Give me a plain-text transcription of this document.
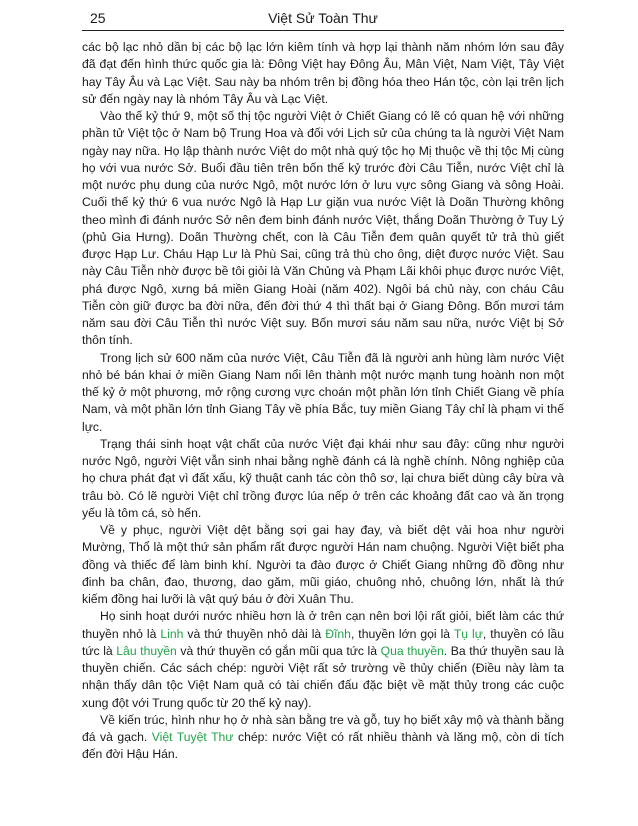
25	Việt Sử Toàn Thư

các bộ lạc nhỏ dần bị các bộ lạc lớn kiêm tính và hợp lại thành năm nhóm lớn sau đây đã đạt đến hình thức quốc gia là: Đông Việt hay Đông Âu, Mân Việt, Nam Việt, Tây Việt hay Tây Âu và Lạc Việt. Sau này ba nhóm trên bị đồng hóa theo Hán tộc, còn lại trên lịch sử đến ngày nay là nhóm Tây Âu và Lạc Việt.

Vào thế kỷ thứ 9, một số thị tộc người Việt ở Chiết Giang có lẽ có quan hệ với những phần tử Việt tộc ở Nam bộ Trung Hoa và đối với Lịch sử của chúng ta là người Việt Nam ngày nay nữa. Họ lập thành nước Việt do một nhà quý tộc họ Mị thuộc về thị tộc Mị cùng họ với vua nước Sở. Buổi đầu tiên trên bốn thế kỷ trước đời Câu Tiễn, nước Việt chỉ là một nước phụ dung của nước Ngô, một nước lớn ở lưu vực sông Giang và sông Hoài. Cuối thế kỷ thứ 6 vua nước Ngô là Hạp Lư giặn vua nước Việt là Doãn Thường không theo mình đi đánh nước Sở nên đem binh đánh nước Việt, thắng Doãn Thường ở Tuy Lý (phủ Gia Hưng). Doãn Thường chết, con là Câu Tiễn đem quân quyết tử trả thù giết được Hạp Lư. Cháu Hạp Lư là Phù Sai, cũng trả thù cho ông, diệt được nước Việt. Sau này Câu Tiễn nhờ được bề tôi giỏi là Văn Chủng và Phạm Lãi khôi phục được nước Việt, phá được Ngô, xưng bá miền Giang Hoài (năm 402). Ngôi bá chủ này, con cháu Câu Tiễn còn giữ được ba đời nữa, đến đời thứ 4 thì thất bại ở Giang Đông. Bốn mươi tám năm sau đời Câu Tiễn thì nước Việt suy. Bốn mươi sáu năm sau nữa, nước Việt bị Sở thôn tính.

Trong lịch sử 600 năm của nước Việt, Câu Tiễn đã là người anh hùng làm nước Việt nhỏ bé bán khai ở miền Giang Nam nổi lên thành một nước mạnh tung hoành non một thế kỷ ở một phương, mở rộng cương vực choán một phần lớn tỉnh Chiết Giang về phía Nam, và một phần lớn tỉnh Giang Tây về phía Bắc, tuy miền Giang Tây chỉ là phạm vi thế lực.

Trạng thái sinh hoạt vật chất của nước Việt đại khái như sau đây: cũng như người nước Ngô, người Việt vẫn sinh nhai bằng nghề đánh cá là nghề chính. Nông nghiệp của họ chưa phát đạt vì đất xấu, kỹ thuật canh tác còn thô sơ, lại chưa biết dùng cây bừa và trâu bò. Có lẽ người Việt chỉ trồng được lúa nếp ở trên các khoảng đất cao và ăn trọng yếu là tôm cá, sò hến.

Về y phục, người Việt dệt bằng sợi gai hay đay, và biết dệt vải hoa như người Mường, Thổ là một thứ sản phẩm rất được người Hán nam chuộng. Người Việt biết pha đồng và thiếc để làm binh khí. Người ta đào được ở Chiết Giang những đồ đồng như đinh ba chân, đao, thương, dao găm, mũi giáo, chuông nhỏ, chuông lớn, nhất là thứ kiếm đồng hai lưỡi là vật quý báu ở đời Xuân Thu.

Họ sinh hoạt dưới nước nhiều hơn là ở trên cạn nên bơi lội rất giỏi, biết làm các thứ thuyền nhỏ là Linh và thứ thuyền nhỏ dài là Đĩnh, thuyền lớn gọi là Tụ lự, thuyền có lầu tức là Lâu thuyền và thứ thuyền có gắn mũi qua tức là Qua thuyền. Ba thứ thuyền sau là thuyền chiến. Các sách chép: người Việt rất sở trường về thủy chiến (Điều này làm ta nhận thấy dân tộc Việt Nam quả có tài chiến đấu đặc biệt về mặt thủy trong các cuộc xung đột với Trung quốc từ 20 thế kỷ nay).

Về kiến trúc, hình như họ ở nhà sàn bằng tre và gỗ, tuy họ biết xây mộ và thành bằng đá và gạch. Việt Tuyệt Thư chép: nước Việt có rất nhiều thành và lăng mộ, còn di tích đến đời Hậu Hán.
